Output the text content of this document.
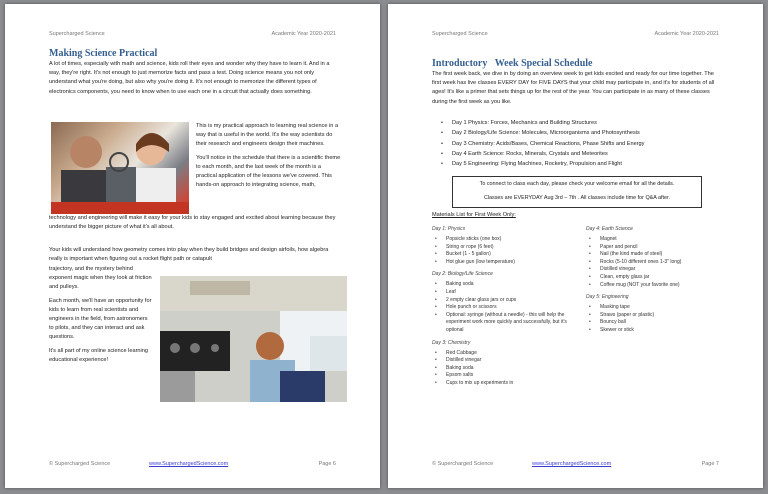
Supercharged Science	Academic Year 2020-2021
Making Science Practical
A lot of times, especially with math and science, kids roll their eyes and wonder why they have to learn it. And in a way, they're right. It's not enough to just memorize facts and pass a test. Doing science means you not only understand what you're doing, but also why you're doing it. It's not enough to memorize the different types of electronics components, you need to know when to use each one in a circuit that actually does something.

This is my practical approach to learning real science in a way that is useful in the world. It's the way scientists do their research and engineers design their machines.

You'll notice in the schedule that there is a scientific theme to each month, and the last week of the month is a practical application of the lessons we've covered. This hands-on approach to integrating science, math,

technology and engineering will make it easy for your kids to stay engaged and excited about learning because they understand the bigger picture of what it's all about.
Your kids will understand how geometry comes into play when they build bridges and design airfoils, how algebra really is important when figuring out a rocket flight path or catapult

trajectory, and the mystery behind exponent magic when they look at friction and pulleys.

Each month, we'll have an opportunity for kids to learn from real scientists and engineers in the field, from astronomers to pilots, and they can interact and ask questions.

It's all part of my online science learning educational experience!

© Supercharged Science	www.SuperchargedScience.com	Page 6
Supercharged Science	Academic Year 2020-2021
Introductory   Week Special Schedule
The first week back, we dive in by doing an overview week to get kids excited and ready for our time together. The first week has live classes EVERY DAY for FIVE DAYS that your child may participate in, and it's for students of all ages! It's like a primer that sets things up for the rest of the year. You can participate in as many of these classes during the first week as you like.
• Day 1 Physics: Forces, Mechanics and Building Structures
• Day 2 Biology/Life Science: Molecules, Microorganisms and Photosynthesis
• Day 3 Chemistry: Acids/Bases, Chemical Reactions, Phase Shifts and Energy
• Day 4 Earth Science: Rocks, Minerals, Crystals and Meteorites
• Day 5 Engineering: Flying Machines, Rocketry, Propulsion and Flight
To connect to class each day, please check your welcome email for all the details.
Classes are EVERYDAY Aug 3rd – 7th . All classes include time for Q&A after.
Materials List for First Week Only:
Day 1: Physics
• Popsicle sticks (one box)
• String or rope (6 feet)
• Bucket (1 - 5 gallon)
• Hot glue gun (low temperature)
Day 2: Biology/Life Science
• Baking soda
• Leaf
• 2 empty clear glass jars or cups
• Hole punch or scissors
• Optional: syringe (without a needle) - this will help the experiment work more quickly and successfully, but it's optional
Day 3: Chemistry
• Red Cabbage
• Distilled vinegar
• Baking soda
• Epsom salts
• Cups to mix up experiments in
Day 4: Earth Science
• Magnet
• Paper and pencil
• Nail (the kind made of steel)
• Rocks (5-10 different ones 1-3" long)
• Distilled vinegar
• Clean, empty glass jar
• Coffee mug (NOT your favorite one)
Day 5: Engineering
• Masking tape
• Straws (paper or plastic)
• Bouncy ball
• Skewer or stick
© Supercharged Science	www.SuperchargedScience.com	Page 7
